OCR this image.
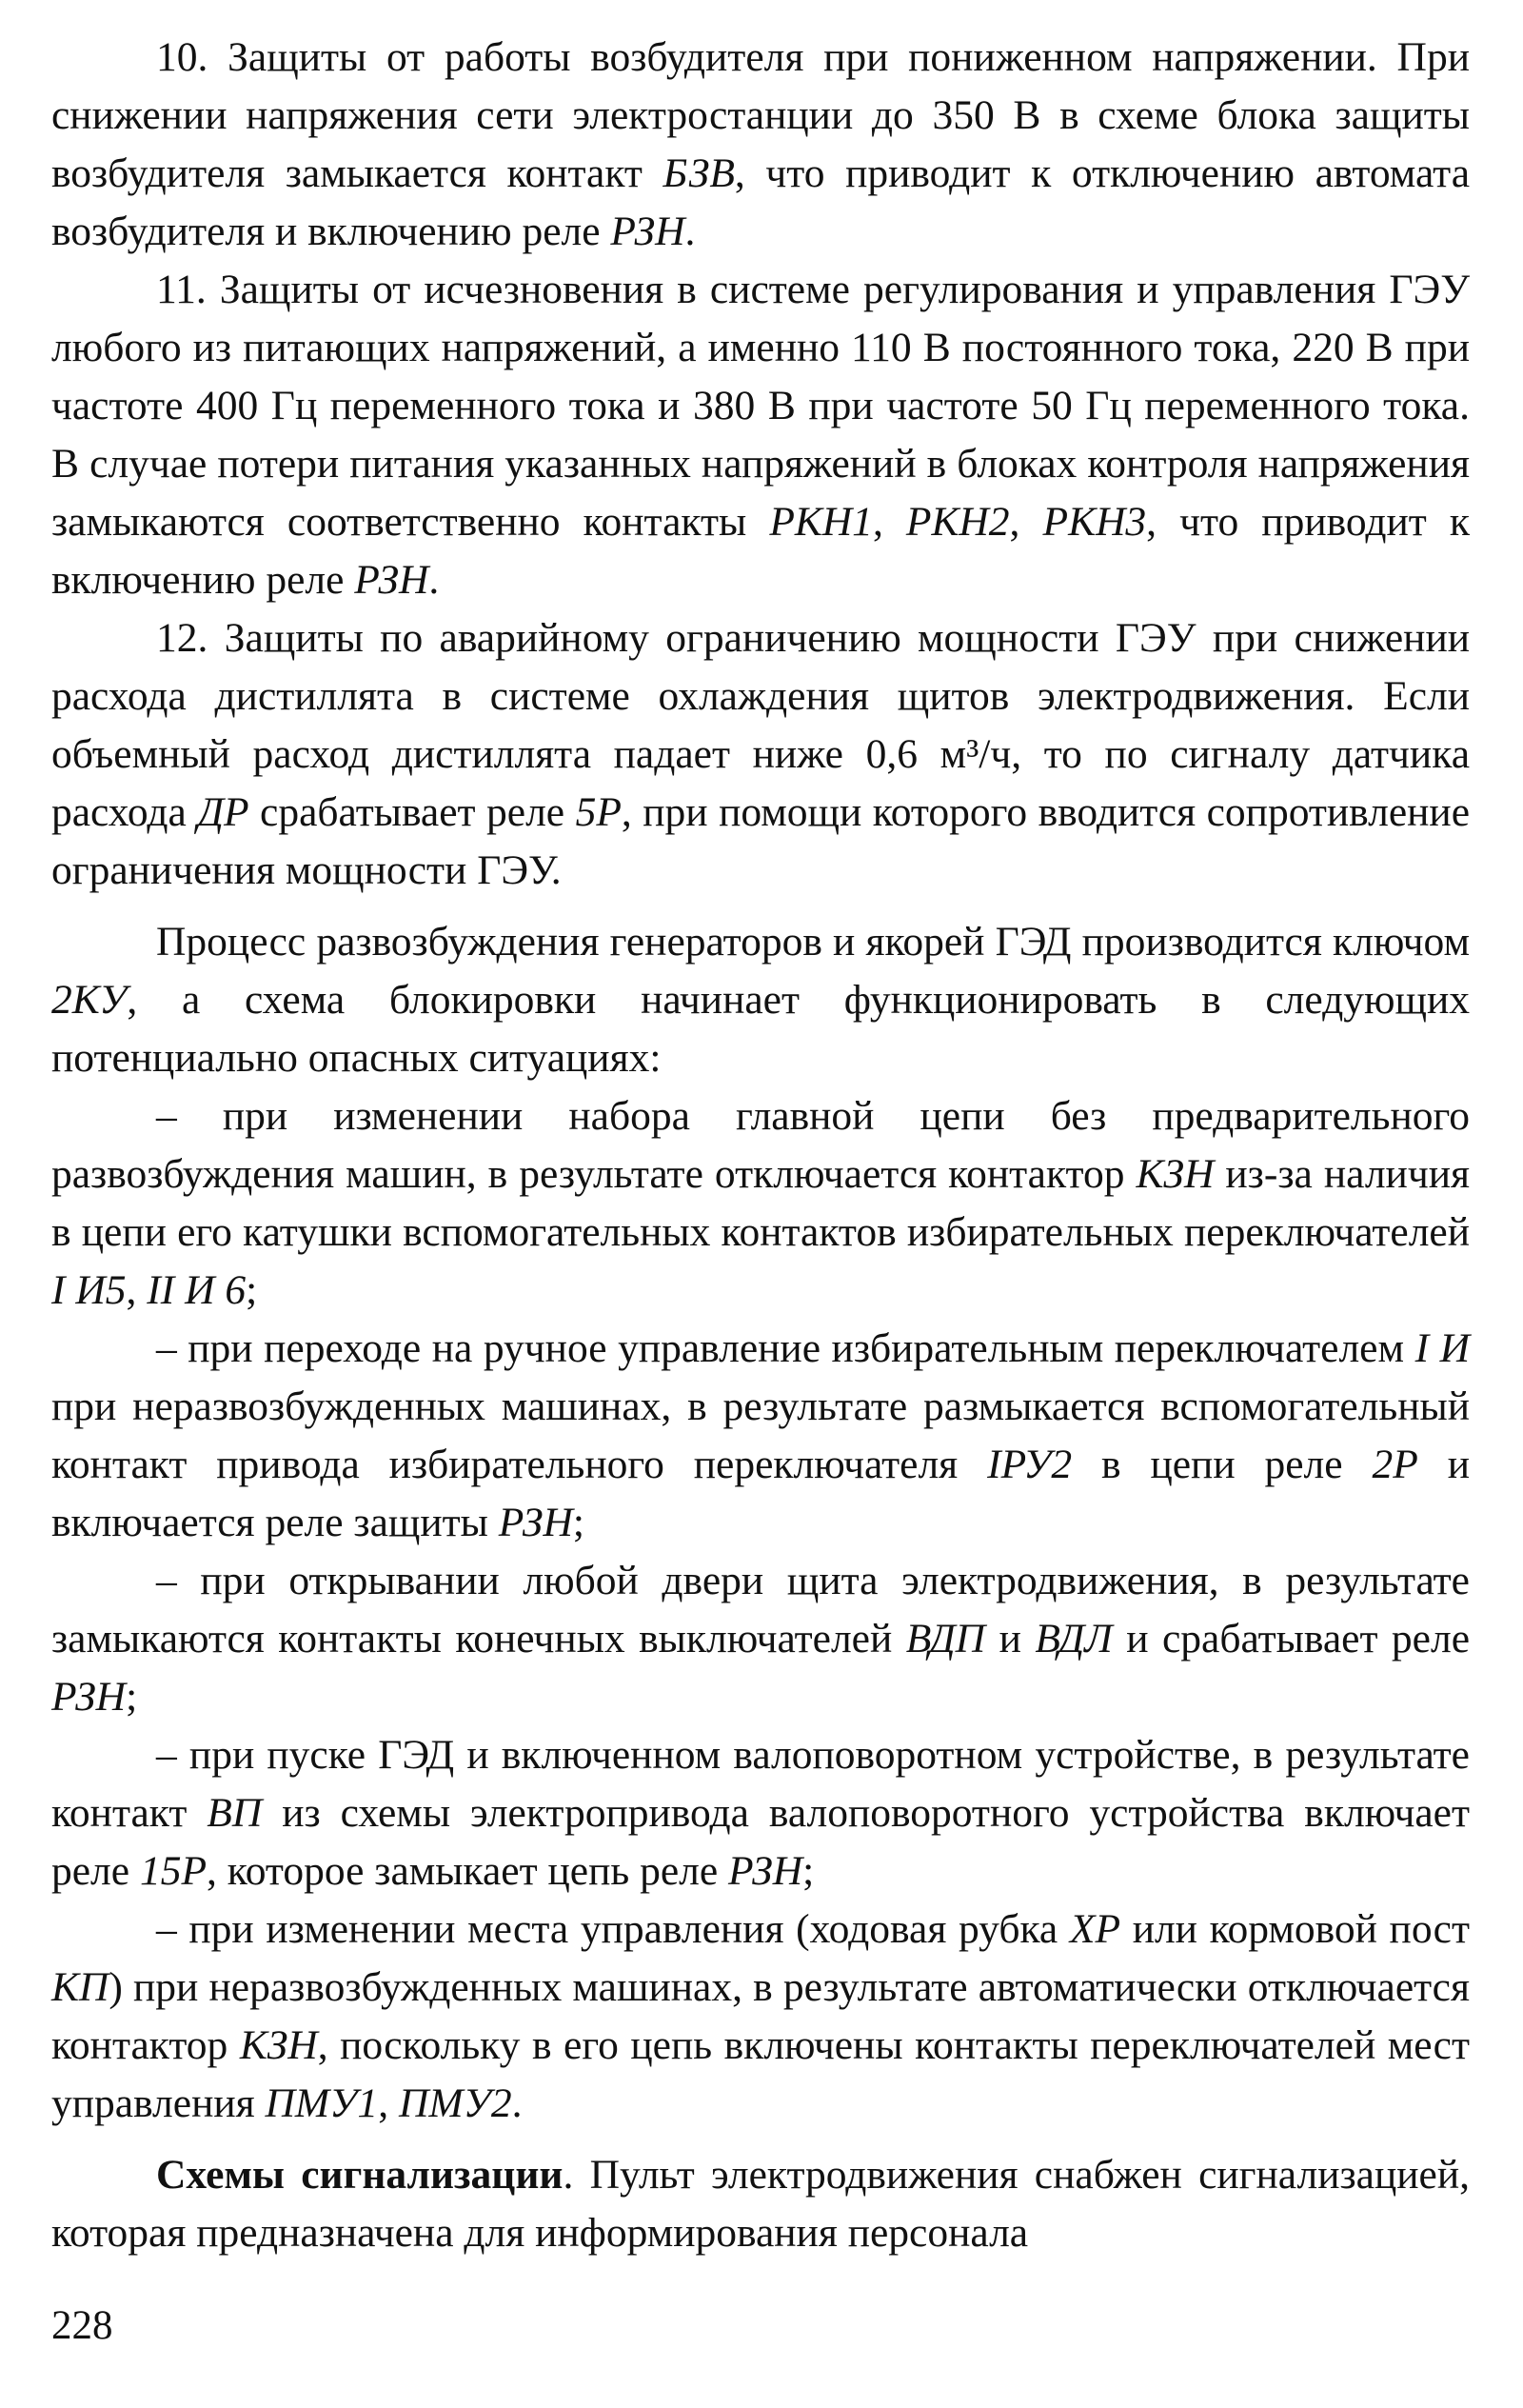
10. Защиты от работы возбудителя при пониженном напряжении. При снижении напряжения сети электростанции до 350 В в схеме блока защиты возбудителя замыкается контакт БЗВ, что приводит к отключению автомата возбудителя и включению реле РЗН.

11. Защиты от исчезновения в системе регулирования и управления ГЭУ любого из питающих напряжений, а именно 110 В постоянного тока, 220 В при частоте 400 Гц переменного тока и 380 В при частоте 50 Гц переменного тока. В случае потери питания указанных напряжений в блоках контроля напряжения замыкаются соответственно контакты РКН1, РКН2, РКН3, что приводит к включению реле РЗН.

12. Защиты по аварийному ограничению мощности ГЭУ при снижении расхода дистиллята в системе охлаждения щитов электродвижения. Если объемный расход дистиллята падает ниже 0,6 м³/ч, то по сигналу датчика расхода ДР срабатывает реле 5Р, при помощи которого вводится сопротивление ограничения мощности ГЭУ.

Процесс развозбуждения генераторов и якорей ГЭД производится ключом 2КУ, а схема блокировки начинает функционировать в следующих потенциально опасных ситуациях:

– при изменении набора главной цепи без предварительного развозбуждения машин, в результате отключается контактор КЗН из-за наличия в цепи его катушки вспомогательных контактов избирательных переключателей I И5, II И 6;

– при переходе на ручное управление избирательным переключателем I И при неразвозбужденных машинах, в результате размыкается вспомогательный контакт привода избирательного переключателя IРУ2 в цепи реле 2Р и включается реле защиты РЗН;

– при открывании любой двери щита электродвижения, в результате замыкаются контакты конечных выключателей ВДП и ВДЛ и срабатывает реле РЗН;

– при пуске ГЭД и включенном валоповоротном устройстве, в результате контакт ВП из схемы электропривода валоповоротного устройства включает реле 15Р, которое замыкает цепь реле РЗН;

– при изменении места управления (ходовая рубка ХР или кормовой пост КП) при неразвозбужденных машинах, в результате автоматически отключается контактор КЗН, поскольку в его цепь включены контакты переключателей мест управления ПМУ1, ПМУ2.

Схемы сигнализации. Пульт электродвижения снабжен сигнализацией, которая предназначена для информирования персонала

228
